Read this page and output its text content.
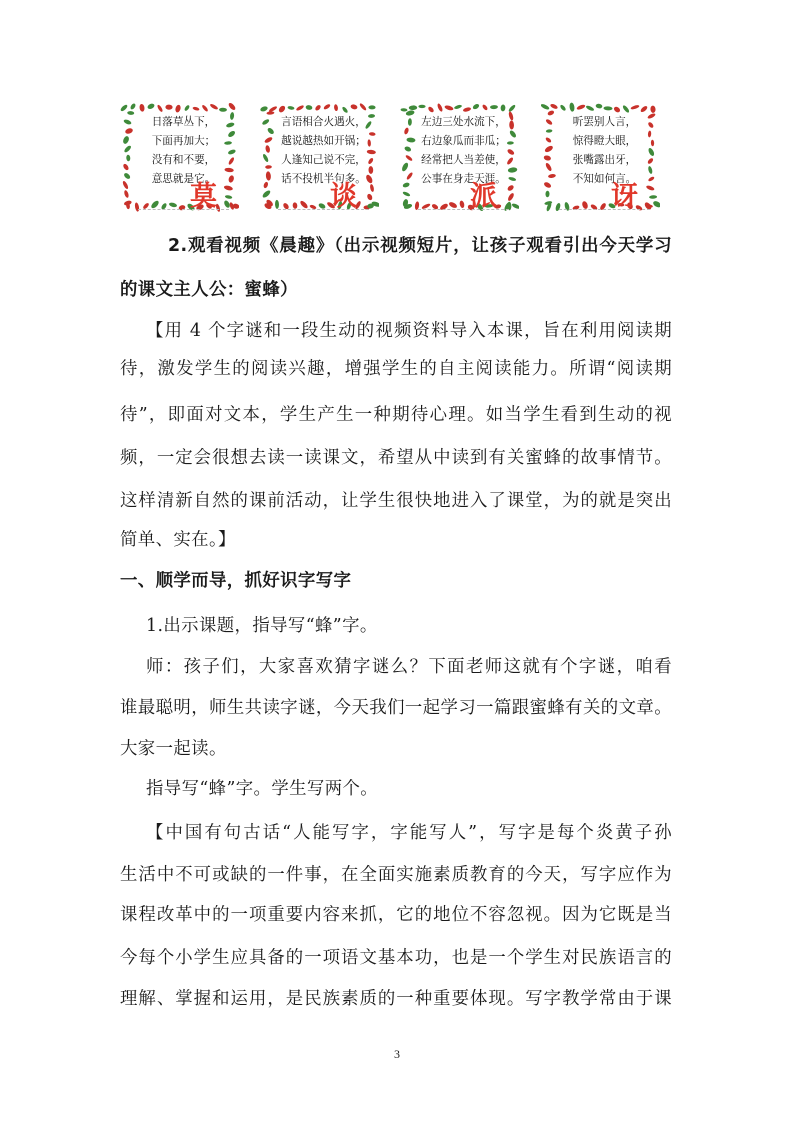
日落草丛下，
下面再加大；
没有和不要，
意思就是它。
莫
言语相合火遇火，
越说越热如开锅；
人逢知己说不完，
话不投机半句多。
谈
左边三处水流下，
右边象瓜而非瓜；
经常把人当差使，
公事在身走天涯。
派
听罢别人言，
惊得瞪大眼，
张嘴露出牙，
不知如何言。
讶
2.观看视频《晨趣》（出示视频短片，让孩子观看引出今天学习
的课文主人公：蜜蜂）
【用 4 个字谜和一段生动的视频资料导入本课，旨在利用阅读期
待，激发学生的阅读兴趣，增强学生的自主阅读能力。所谓“阅读期
待”，即面对文本，学生产生一种期待心理。如当学生看到生动的视
频，一定会很想去读一读课文，希望从中读到有关蜜蜂的故事情节。
这样清新自然的课前活动，让学生很快地进入了课堂，为的就是突出
简单、实在。】
一、顺学而导，抓好识字写字
1.出示课题，指导写“蜂”字。
师：孩子们，大家喜欢猜字谜么？下面老师这就有个字谜，咱看
谁最聪明，师生共读字谜，今天我们一起学习一篇跟蜜蜂有关的文章。
大家一起读。
指导写“蜂”字。学生写两个。
【中国有句古话“人能写字，字能写人”，写字是每个炎黄子孙
生活中不可或缺的一件事，在全面实施素质教育的今天，写字应作为
课程改革中的一项重要内容来抓，它的地位不容忽视。因为它既是当
今每个小学生应具备的一项语文基本功，也是一个学生对民族语言的
理解、掌握和运用，是民族素质的一种重要体现。写字教学常由于课
3
